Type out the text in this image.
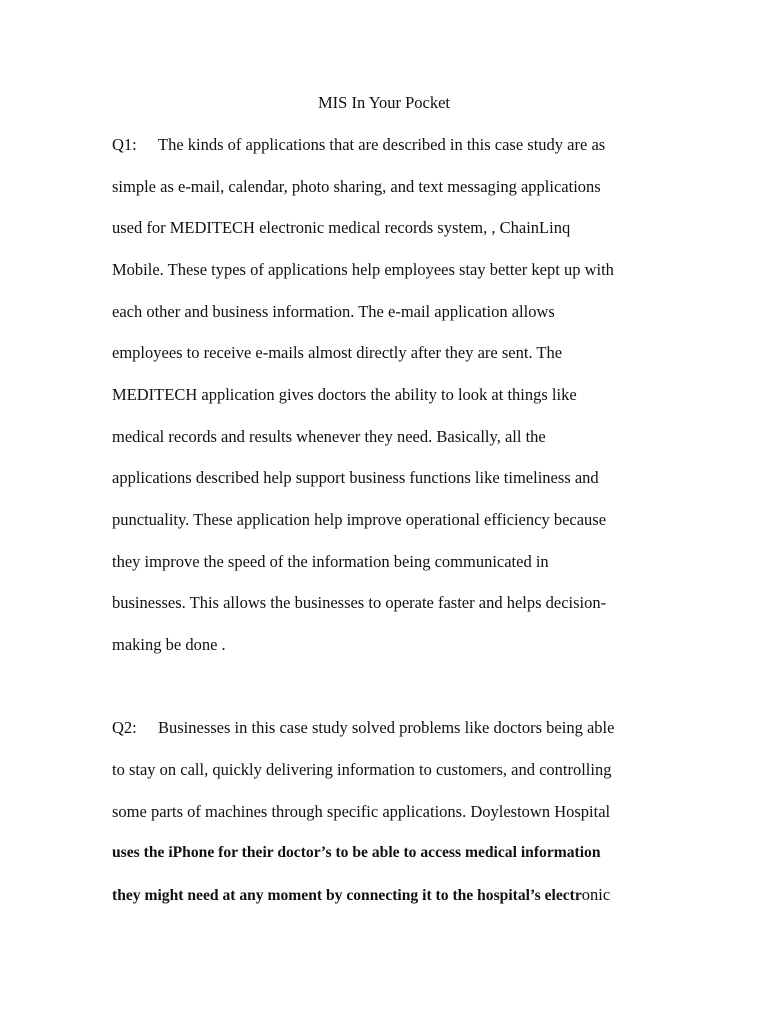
MIS In Your Pocket

Q1: The kinds of applications that are described in this case study are as

simple as e-mail, calendar, photo sharing, and text messaging applications

used for MEDITECH electronic medical records system, , ChainLinq

Mobile. These types of applications help employees stay better kept up with

each other and business information. The e-mail application allows

employees to receive e-mails almost directly after they are sent. The

MEDITECH application gives doctors the ability to look at things like

medical records and results whenever they need. Basically, all the

applications described help support business functions like timeliness and

punctuality. These application help improve operational efficiency because

they improve the speed of the information being communicated in

businesses. This allows the businesses to operate faster and helps decision-

making be done .

Q2: Businesses in this case study solved problems like doctors being able

to stay on call, quickly delivering information to customers, and controlling

some parts of machines through specific applications. Doylestown Hospital

uses the iPhone for their doctor’s to be able to access medical information

they might need at any moment by connecting it to the hospital’s electronic
